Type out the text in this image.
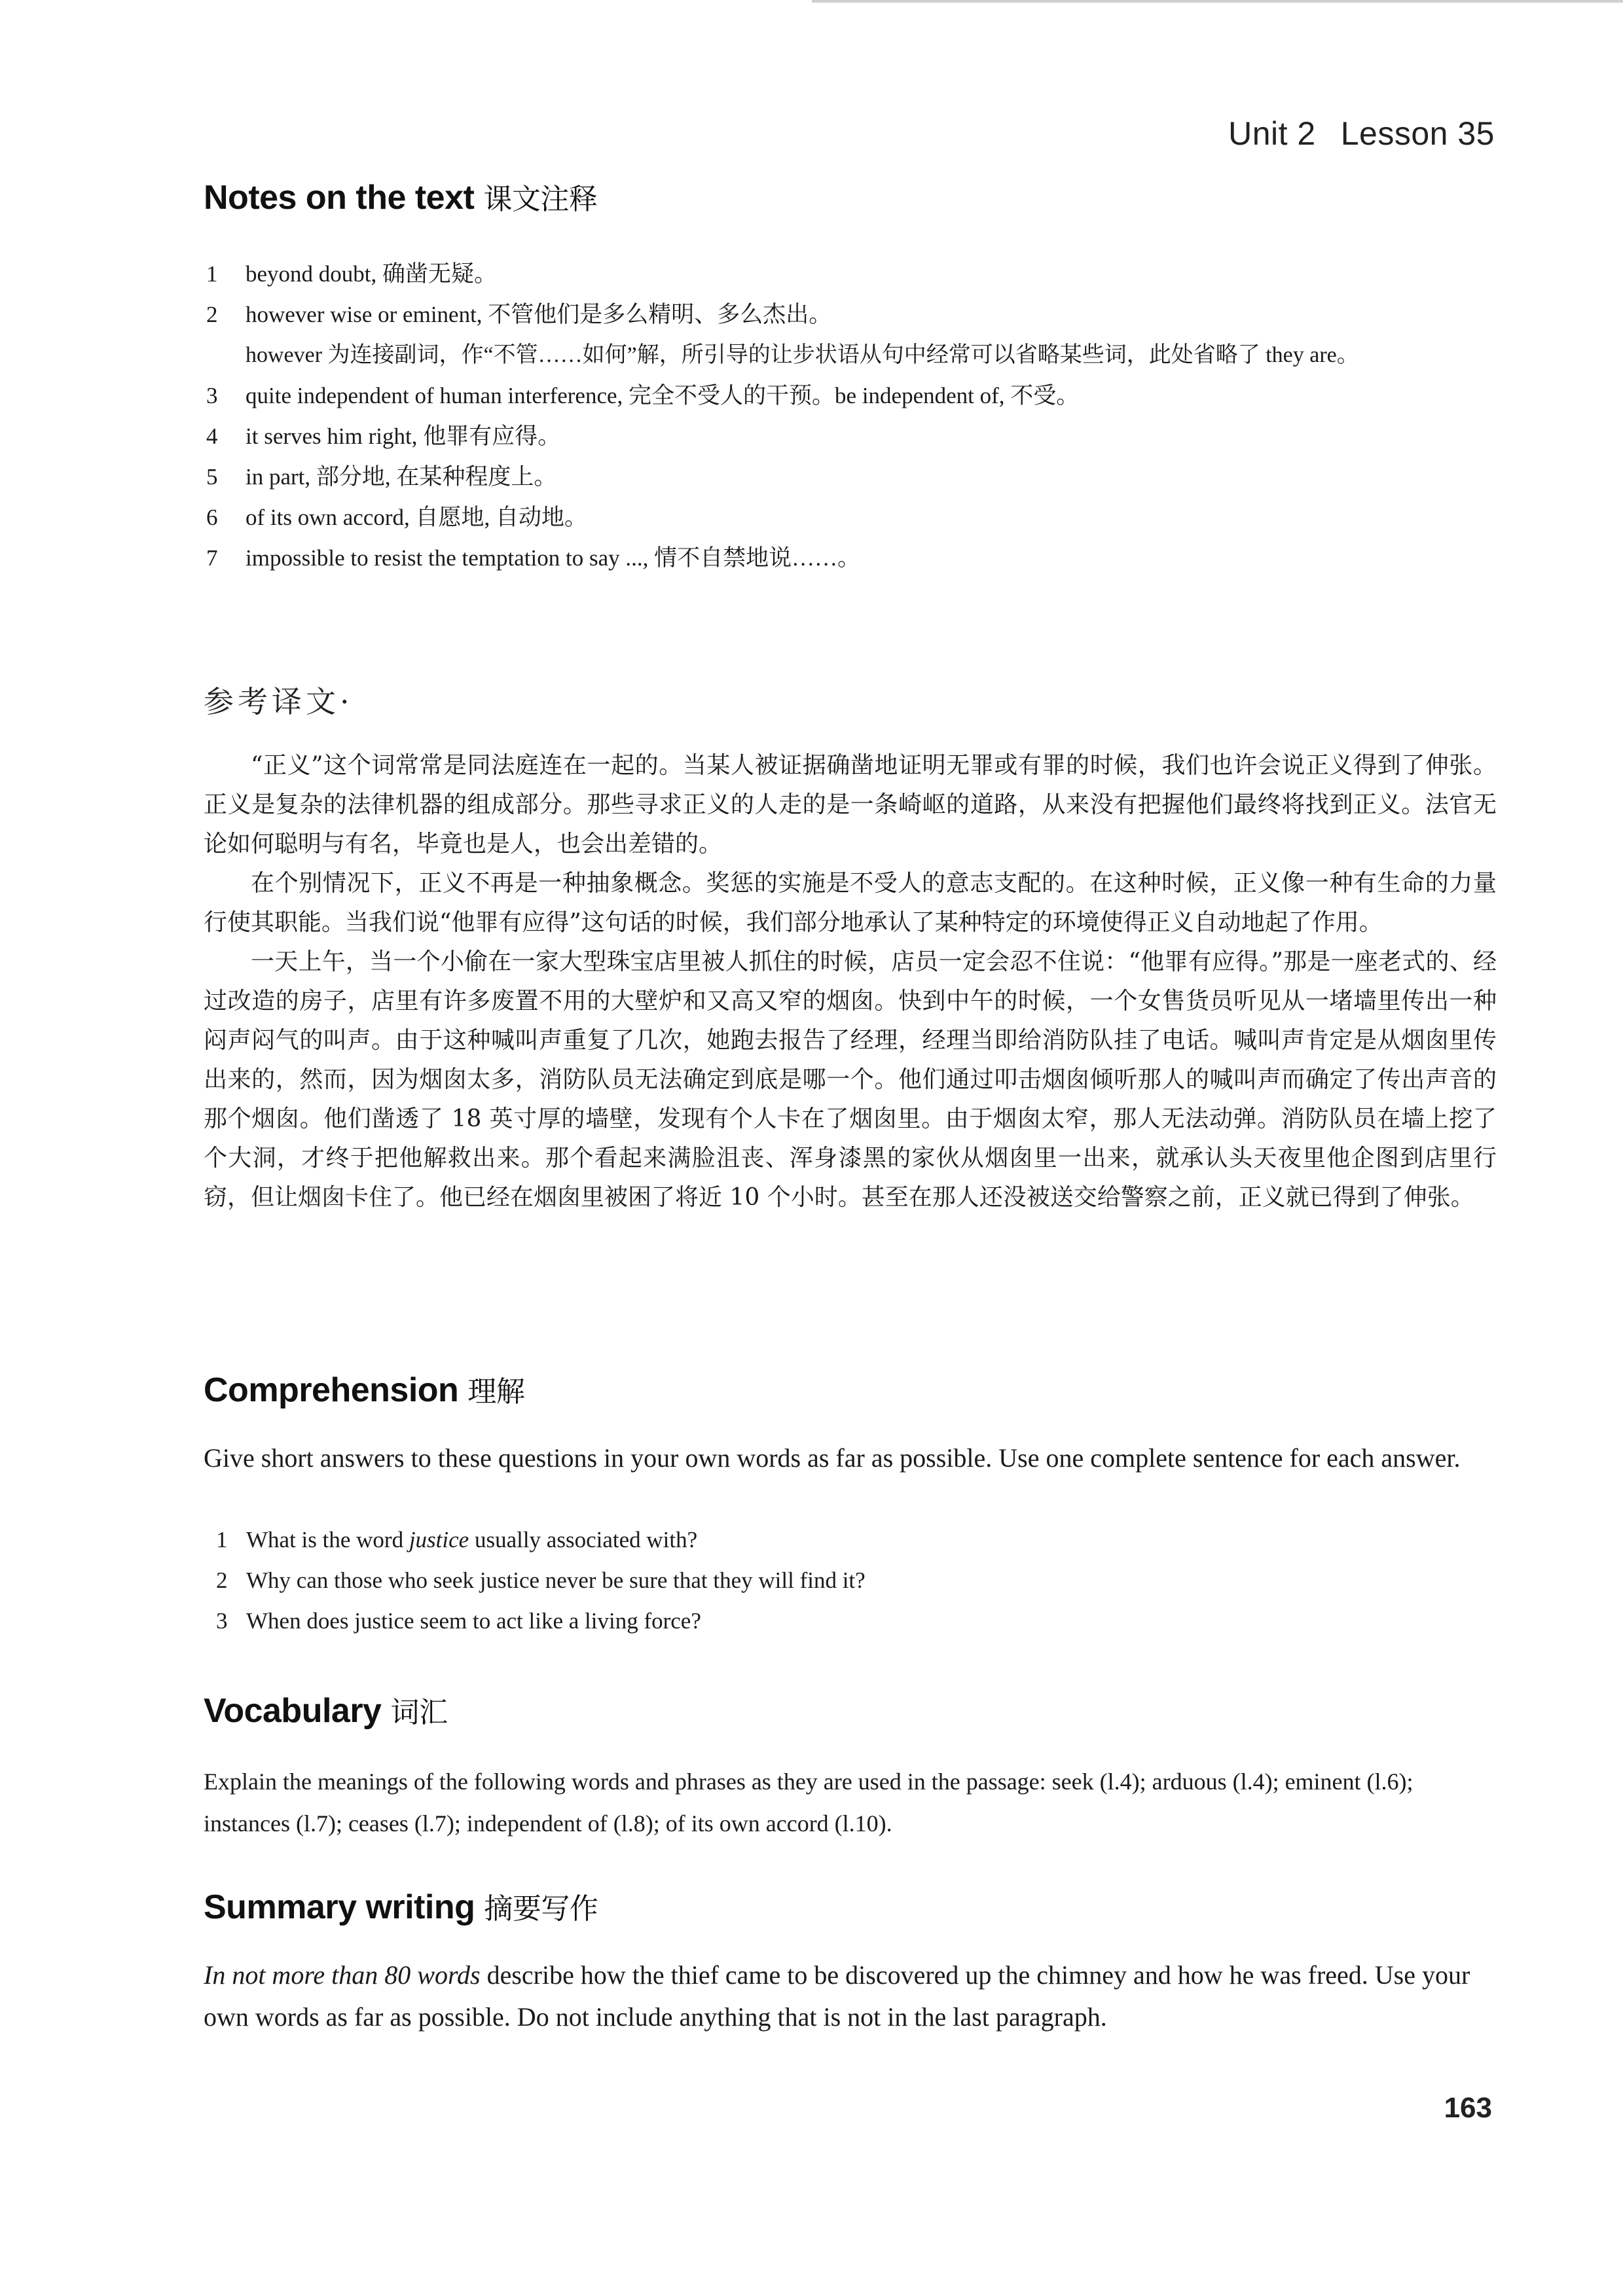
Unit 2 Lesson 35
Notes on the text 课文注释
1 beyond doubt, 确凿无疑。
2 however wise or eminent, 不管他们是多么精明、多么杰出。
however 为连接副词，作“不管……如何”解，所引导的让步状语从句中经常可以省略某些词，此处省略了 they are。
3 quite independent of human interference, 完全不受人的干预。be independent of, 不受。
4 it serves him right, 他罪有应得。
5 in part, 部分地, 在某种程度上。
6 of its own accord, 自愿地, 自动地。
7 impossible to resist the temptation to say ..., 情不自禁地说……。
参考译文·

“正义”这个词常常是同法庭连在一起的。当某人被证据确凿地证明无罪或有罪的时候，我们也许会说正义得到了伸张。正义是复杂的法律机器的组成部分。那些寻求正义的人走的是一条崎岖的道路，从来没有把握他们最终将找到正义。法官无论如何聪明与有名，毕竟也是人，也会出差错的。

在个别情况下，正义不再是一种抽象概念。奖惩的实施是不受人的意志支配的。在这种时候，正义像一种有生命的力量行使其职能。当我们说“他罪有应得”这句话的时候，我们部分地承认了某种特定的环境使得正义自动地起了作用。

一天上午，当一个小偷在一家大型珠宝店里被人抓住的时候，店员一定会忍不住说：“他罪有应得。”那是一座老式的、经过改造的房子，店里有许多废置不用的大壁炉和又高又窄的烟囱。快到中午的时候，一个女售货员听见从一堵墙里传出一种闷声闷气的叫声。由于这种喊叫声重复了几次，她跑去报告了经理，经理当即给消防队挂了电话。喊叫声肯定是从烟囱里传出来的，然而，因为烟囱太多，消防队员无法确定到底是哪一个。他们通过叩击烟囱倾听那人的喊叫声而确定了传出声音的那个烟囱。他们凿透了 18 英寸厚的墙壁，发现有个人卡在了烟囱里。由于烟囱太窄，那人无法动弹。消防队员在墙上挖了个大洞，才终于把他解救出来。那个看起来满脸沮丧、浑身漆黑的家伙从烟囱里一出来，就承认头天夜里他企图到店里行窃，但让烟囱卡住了。他已经在烟囱里被困了将近 10 个小时。甚至在那人还没被送交给警察之前，正义就已得到了伸张。

Comprehension 理解

Give short answers to these questions in your own words as far as possible. Use one complete sentence for each answer.

1 What is the word justice usually associated with?
2 Why can those who seek justice never be sure that they will find it?
3 When does justice seem to act like a living force?
Vocabulary 词汇

Explain the meanings of the following words and phrases as they are used in the passage: seek (l.4); arduous (l.4); eminent (l.6); instances (l.7); ceases (l.7); independent of (l.8); of its own accord (l.10).

Summary writing 摘要写作

In not more than 80 words describe how the thief came to be discovered up the chimney and how he was freed. Use your own words as far as possible. Do not include anything that is not in the last paragraph.

163
